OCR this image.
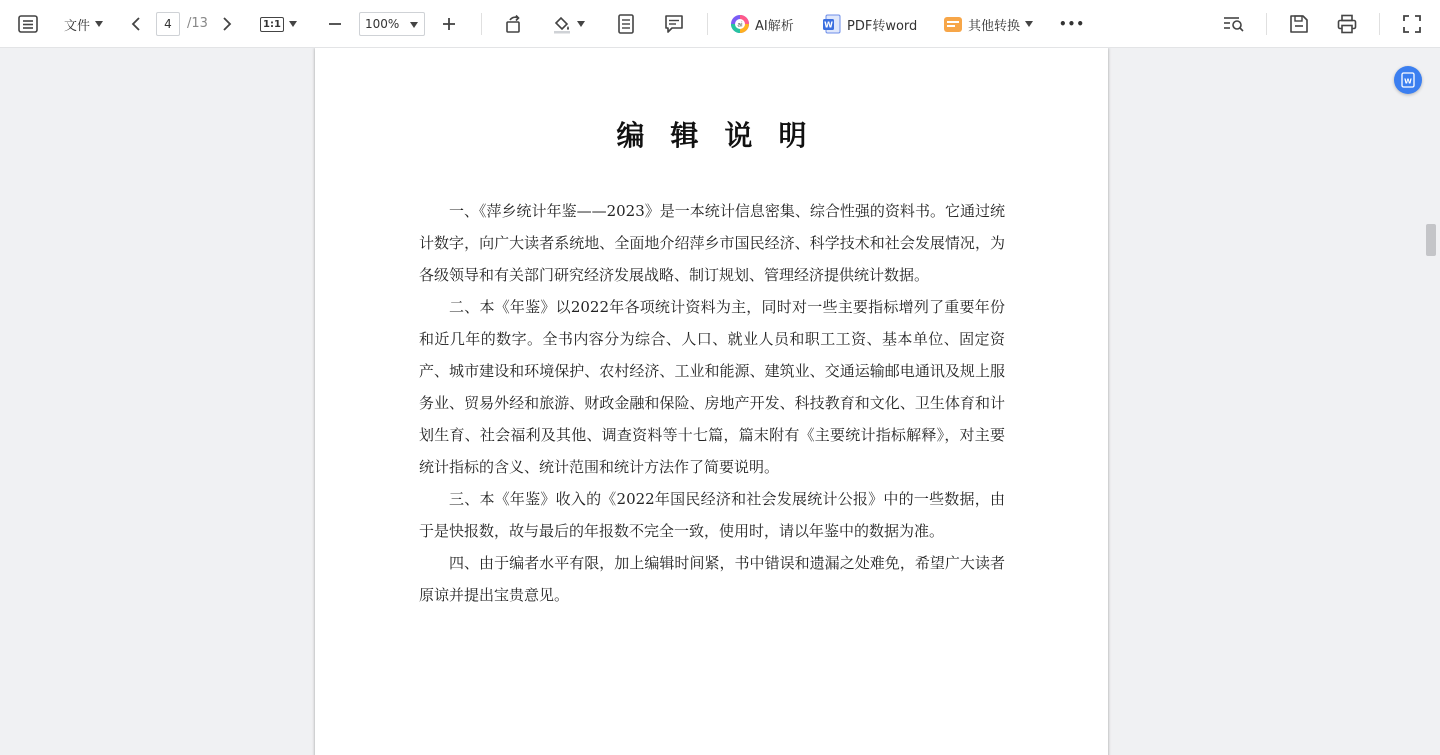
文件	4	/13	1:1	100%	ai AI解析	W PDF转word	其他转换	•••
编辑说明

一、《萍乡统计年鉴——2023》是一本统计信息密集、综合性强的资料书。它通过统计数字，向广大读者系统地、全面地介绍萍乡市国民经济、科学技术和社会发展情况，为各级领导和有关部门研究经济发展战略、制订规划、管理经济提供统计数据。

二、本《年鉴》以2022年各项统计资料为主，同时对一些主要指标增列了重要年份和近几年的数字。全书内容分为综合、人口、就业人员和职工工资、基本单位、固定资产、城市建设和环境保护、农村经济、工业和能源、建筑业、交通运输邮电通讯及规上服务业、贸易外经和旅游、财政金融和保险、房地产开发、科技教育和文化、卫生体育和计划生育、社会福利及其他、调查资料等十七篇，篇末附有《主要统计指标解释》，对主要统计指标的含义、统计范围和统计方法作了简要说明。

三、本《年鉴》收入的《2022年国民经济和社会发展统计公报》中的一些数据，由于是快报数，故与最后的年报数不完全一致，使用时，请以年鉴中的数据为准。

四、由于编者水平有限，加上编辑时间紧，书中错误和遗漏之处难免，希望广大读者原谅并提出宝贵意见。

W
